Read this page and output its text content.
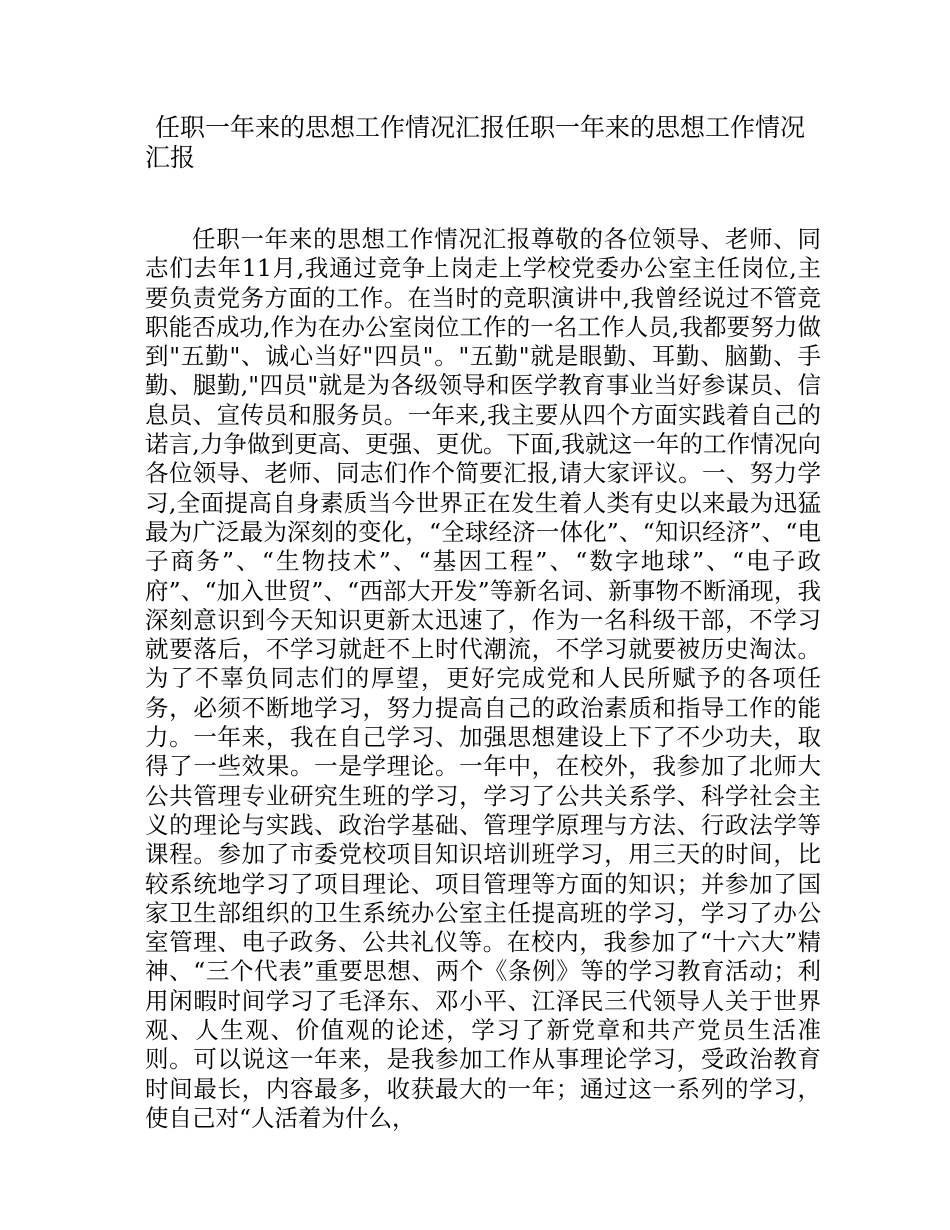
任职一年来的思想工作情况汇报任职一年来的思想工作情况汇报

任职一年来的思想工作情况汇报尊敬的各位领导、老师、同志们去年11月,我通过竞争上岗走上学校党委办公室主任岗位,主要负责党务方面的工作。在当时的竞职演讲中,我曾经说过不管竞职能否成功,作为在办公室岗位工作的一名工作人员,我都要努力做到"五勤"、诚心当好"四员"。"五勤"就是眼勤、耳勤、脑勤、手勤、腿勤,"四员"就是为各级领导和医学教育事业当好参谋员、信息员、宣传员和服务员。一年来,我主要从四个方面实践着自己的诺言,力争做到更高、更强、更优。下面,我就这一年的工作情况向各位领导、老师、同志们作个简要汇报,请大家评议。一、努力学习,全面提高自身素质当今世界正在发生着人类有史以来最为迅猛最为广泛最为深刻的变化，“全球经济一体化”、“知识经济”、“电子商务”、“生物技术”、“基因工程”、“数字地球”、“电子政府”、“加入世贸”、“西部大开发”等新名词、新事物不断涌现，我深刻意识到今天知识更新太迅速了，作为一名科级干部，不学习就要落后，不学习就赶不上时代潮流，不学习就要被历史淘汰。为了不辜负同志们的厚望，更好完成党和人民所赋予的各项任务，必须不断地学习，努力提高自己的政治素质和指导工作的能力。一年来，我在自己学习、加强思想建设上下了不少功夫，取得了一些效果。一是学理论。一年中，在校外，我参加了北师大公共管理专业研究生班的学习，学习了公共关系学、科学社会主义的理论与实践、政治学基础、管理学原理与方法、行政法学等课程。参加了市委党校项目知识培训班学习，用三天的时间，比较系统地学习了项目理论、项目管理等方面的知识；并参加了国家卫生部组织的卫生系统办公室主任提高班的学习，学习了办公室管理、电子政务、公共礼仪等。在校内，我参加了“十六大”精神、“三个代表”重要思想、两个《条例》等的学习教育活动；利用闲暇时间学习了毛泽东、邓小平、江泽民三代领导人关于世界观、人生观、价值观的论述，学习了新党章和共产党员生活准则。可以说这一年来，是我参加工作从事理论学习，受政治教育时间最长，内容最多，收获最大的一年；通过这一系列的学习，使自己对“人活着为什么，
